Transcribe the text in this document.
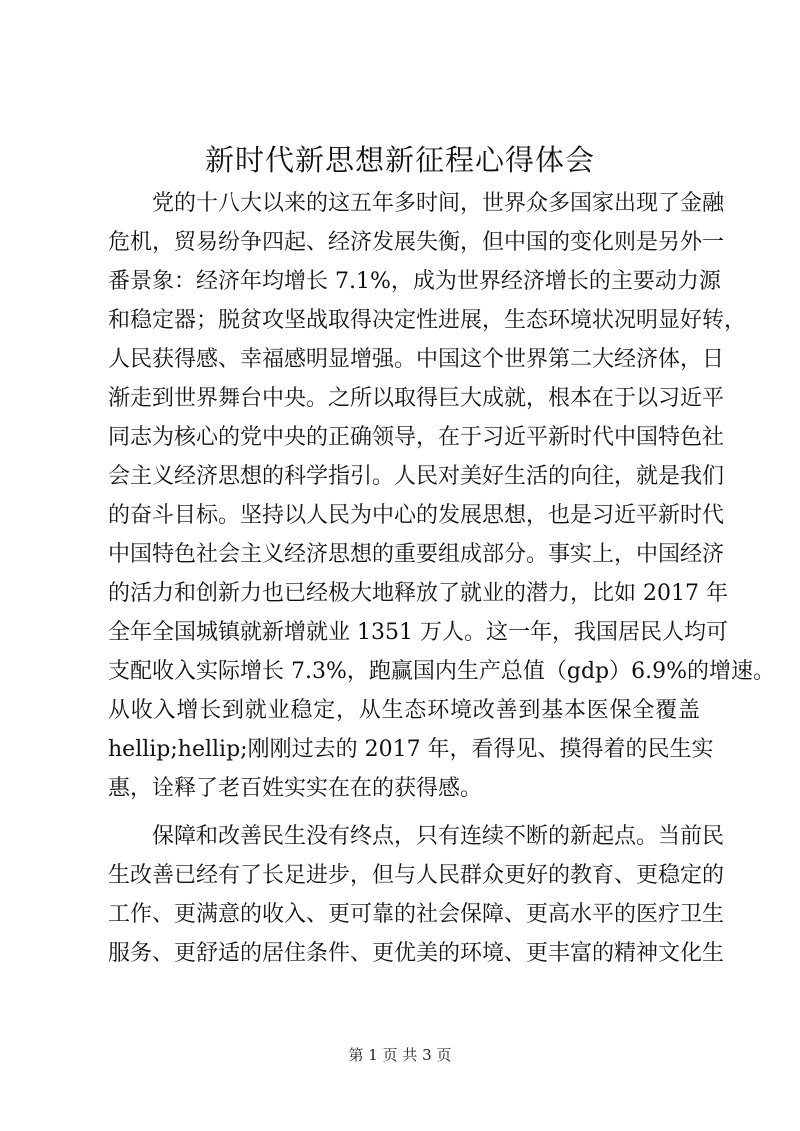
新时代新思想新征程心得体会

党的十八大以来的这五年多时间，世界众多国家出现了金融
危机，贸易纷争四起、经济发展失衡，但中国的变化则是另外一
番景象：经济年均增长 7.1%，成为世界经济增长的主要动力源
和稳定器；脱贫攻坚战取得决定性进展，生态环境状况明显好转，
人民获得感、幸福感明显增强。中国这个世界第二大经济体，日
渐走到世界舞台中央。之所以取得巨大成就，根本在于以习近平
同志为核心的党中央的正确领导，在于习近平新时代中国特色社
会主义经济思想的科学指引。人民对美好生活的向往，就是我们
的奋斗目标。坚持以人民为中心的发展思想，也是习近平新时代
中国特色社会主义经济思想的重要组成部分。事实上，中国经济
的活力和创新力也已经极大地释放了就业的潜力，比如 2017 年
全年全国城镇就新增就业 1351 万人。这一年，我国居民人均可
支配收入实际增长 7.3%，跑赢国内生产总值（gdp）6.9%的增速。
从收入增长到就业稳定，从生态环境改善到基本医保全覆盖
hellip;hellip;刚刚过去的 2017 年，看得见、摸得着的民生实
惠，诠释了老百姓实实在在的获得感。

保障和改善民生没有终点，只有连续不断的新起点。当前民
生改善已经有了长足进步，但与人民群众更好的教育、更稳定的
工作、更满意的收入、更可靠的社会保障、更高水平的医疗卫生
服务、更舒适的居住条件、更优美的环境、更丰富的精神文化生

第 1 页 共 3 页
